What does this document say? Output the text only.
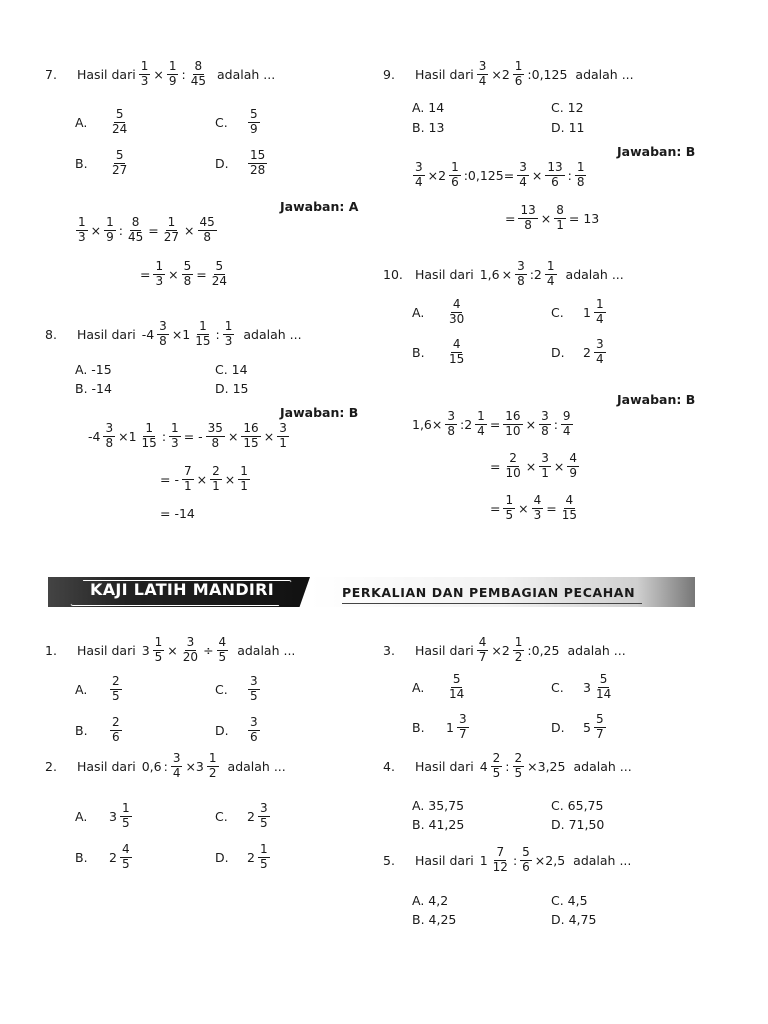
7.	Hasil dari $\frac{1}{3} \times \frac{1}{9}$ : $\frac{8}{45}$ adalah ...
A.	$\frac{5}{24}$	C.	$\frac{5}{9}$
B.	$\frac{5}{27}$	D.	$\frac{15}{28}$
Jawaban: A
$\frac{1}{3} \times \frac{1}{9}$ : $\frac{8}{45} = \frac{1}{27} \times \frac{45}{8}$
= $\frac{1}{3} \times \frac{5}{8} = \frac{5}{24}$
8.	Hasil dari $-4 \frac{3}{8} \times 1 \frac{1}{15}$ : $\frac{1}{3}$ adalah ...
A. -15	C. 14
B. -14	D. 15
Jawaban: B
$-4 \frac{3}{8} \times 1 \frac{1}{15}$ : $\frac{1}{3}$ = - $\frac{35}{8} \times \frac{16}{15} \times \frac{3}{1}$
= - $\frac{7}{1} \times \frac{2}{1} \times \frac{1}{1}$
= -14
9.	Hasil dari $\frac{3}{4} \times 2 \frac{1}{6}$ :0,125 adalah ...
A. 14	C. 12
B. 13	D. 11
Jawaban: B
$\frac{3}{4} \times 2 \frac{1}{6}$ :0,125= $\frac{3}{4} \times \frac{13}{6}$ : $\frac{1}{8}$
= $\frac{13}{8} \times \frac{8}{1} = 13$
10. Hasil dari $1,6 \times \frac{3}{8}$ :2 $\frac{1}{4}$ adalah ...
A.	$\frac{4}{30}$	C.	$1 \frac{1}{4}$
B.	$\frac{4}{15}$	D.	$2 \frac{3}{4}$
Jawaban: B
$1,6\times \frac{3}{8}$ :2 $\frac{1}{4} = \frac{16}{10} \times \frac{3}{8}$ : $\frac{9}{4}$
= $\frac{2}{10} \times \frac{3}{1} \times \frac{4}{9}$
= $\frac{1}{5} \times \frac{4}{3} = \frac{4}{15}$
KAJI LATIH MANDIRI	PERKALIAN DAN PEMBAGIAN PECAHAN
1.	Hasil dari $3 \frac{1}{5} \times \frac{3}{20} \div \frac{4}{5}$ adalah ...
A.	$\frac{2}{5}$	C.	$\frac{3}{5}$
B.	$\frac{2}{6}$	D.	$\frac{3}{6}$
2.	Hasil dari 0,6 : $\frac{3}{4} \times 3 \frac{1}{2}$ adalah ...
A.	$3 \frac{1}{5}$	C.	$2 \frac{3}{5}$
B.	$2 \frac{4}{5}$	D.	$2 \frac{1}{5}$
3.	Hasil dari $\frac{4}{7} \times 2 \frac{1}{2}$ :0,25 adalah ...
A.	$\frac{5}{14}$	C.	$3 \frac{5}{14}$
B.	$1 \frac{3}{7}$	D.	$5 \frac{5}{7}$
4.	Hasil dari $4 \frac{2}{5}$ : $\frac{2}{5} \times 3,25$ adalah ...
A. 35,75	C. 65,75
B. 41,25	D. 71,50
5.	Hasil dari $1 \frac{7}{12}$ : $\frac{5}{6} \times 2,5$ adalah ...
A. 4,2	C. 4,5
B. 4,25	D. 4,75
